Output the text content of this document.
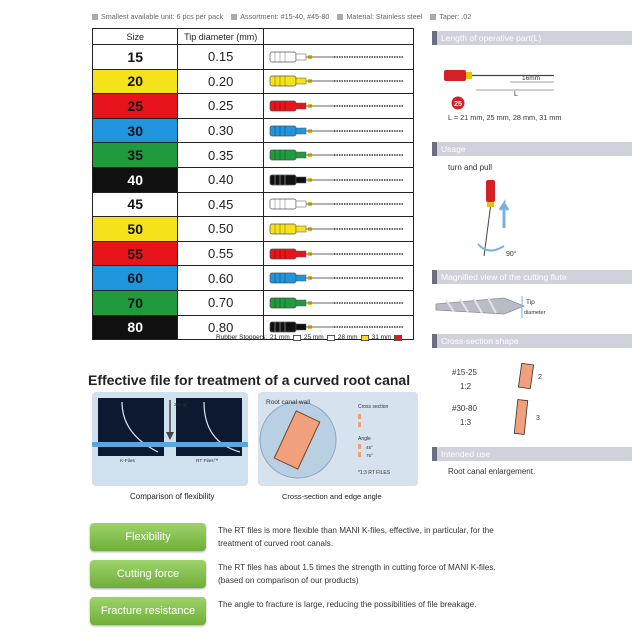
Smallest available unit: 6 pcs per pack Assortment: #15-40, #45-80 Material: Stainless steel Taper: .02
Size	Tip diameter (mm)	
15	0.15	

20	0.20	

25	0.25	

30	0.30	

35	0.35	

40	0.40	

45	0.45	

50	0.50	

55	0.55	

60	0.60	

70	0.70	

80	0.80	
Rubber Stoppers: 21 mm 25 mm 28 mm 31 mm
Length of operative part(L)
16mm
L
25
L = 21 mm, 25 mm, 28 mm, 31 mm
Usage
turn and pull
90°
Magnified view of the cutting flute
Tip
diameter
Cross-section shape
#15-25
1:2
2
#30-80
1:3	3
Intended use
Root canal enlargement.
Effective file for treatment of a curved root canal
200 gf
K-Files	RT Files™
Comparison of flexibility
Root canal wall
Cross section
Angle
45°
75°
*1:3 RT FILES
Cross-section and edge angle
Flexibility
The RT files is more flexible than MANI K-files, effective, in particular, for the treatment of curved root canals.
Cutting force
The RT files has about 1.5 times the strength in cutting force of MANI K-files. (based on comparison of our products)
Fracture resistance
The angle to fracture is large, reducing the possibilities of file breakage.
